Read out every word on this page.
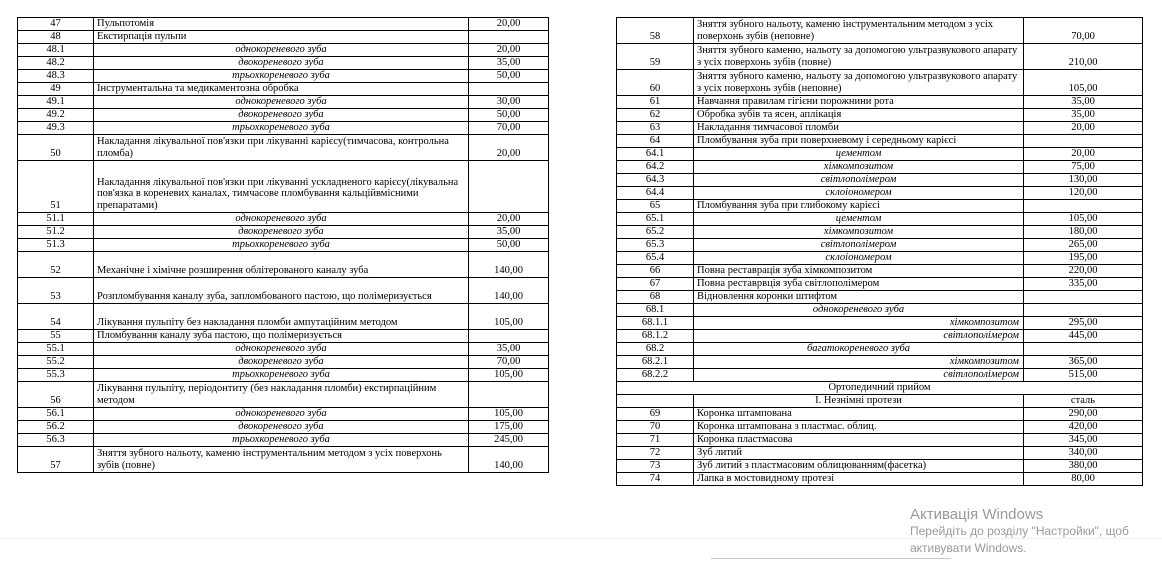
47	Пульпотомія	20,00
48	Екстирпація пульпи	
48.1	однокореневого зуба	20,00
48.2	двокореневого зуба	35,00
48.3	трьохкореневого зуба	50,00
49	Інструментальна та медикаментозна обробка	
49.1	однокореневого зуба	30,00
49.2	двокореневого зуба	50,00
49.3	трьохкореневого зуба	70,00
50	Накладання лікувальної пов'язки при лікуванні карієсу(тимчасова, контрольна пломба)	20,00
51	Накладання лікувальної пов'язки при лікуванні ускладненого карієсу(лікувальна пов'язка в кореневих каналах, тимчасове пломбування кальційвмісними препаратами)	
51.1	однокореневого зуба	20,00
51.2	двокореневого зуба	35,00
51.3	трьохкореневого зуба	50,00
52	Механічне і хімічне розширення облітерованого каналу зуба	140,00
53	Розпломбування каналу зуба, запломбованого пастою, що полімеризується	140,00
54	Лікування пульпіту без накладання пломби ампутаційним методом	105,00
55	Пломбування каналу зуба пастою, що полімеризується	
55.1	однокореневого зуба	35,00
55.2	двокореневого зуба	70,00
55.3	трьохкореневого зуба	105,00
56	Лікування пульпіту, періодонтиту (без накладання пломби) екстирпаційним методом	
56.1	однокореневого зуба	105,00
56.2	двокореневого зуба	175,00
56.3	трьохкореневого зуба	245,00
57	Зняття зубного нальоту, каменю інструментальним методом з усіх поверхонь зубів (повне)	140,00
58	Зняття зубного нальоту, каменю інструментальним методом з усіх поверхонь зубів (неповне)	70,00
59	Зняття зубного каменю, нальоту за допомогою ультразвукового апарату з усіх поверхонь зубів (повне)	210,00
60	Зняття зубного каменю, нальоту за допомогою ультразвукового апарату з усіх поверхонь зубів (неповне)	105,00
61	Навчання правилам гігієни порожнини рота	35,00
62	Обробка зубів та ясен, аплікація	35,00
63	Накладання тимчасової пломби	20,00
64	Пломбування зуба при поверхневому і середньому карієсі	
64.1	цементом	20,00
64.2	хімкомпозитом	75,00
64.3	світлополімером	130,00
64.4	склоіономером	120,00
65	Пломбування зуба при глибокому карієсі	
65.1	цементом	105,00
65.2	хімкомпозитом	180,00
65.3	світлополімером	265,00
65.4	склоіономером	195,00
66	Повна реставрація зуба хімкомпозитом	220,00
67	Повна реставрвція зуба світлополімером	335,00
68	Відновлення коронки штифтом	
68.1	однокореневого зуба	
68.1.1	хімкомпозитом	295,00
68.1.2	світлополімером	445,00
68.2	багатокореневого зуба	
68.2.1	хімкомпозитом	365,00
68.2.2	світлополімером	515,00
Ортопедичний прийом		
	І. Незнімні протези	сталь
69	Коронка штампована	290,00
70	Коронка штампована з пластмас. облиц.	420,00
71	Коронка пластмасова	345,00
72	Зуб литий	340,00
73	Зуб литий з пластмасовим облицюванням(фасетка)	380,00
74	Лапка в мостовидному протезі	80,00
Активація Windows
Перейдіть до розділу "Настройки", щоб
активувати Windows.
